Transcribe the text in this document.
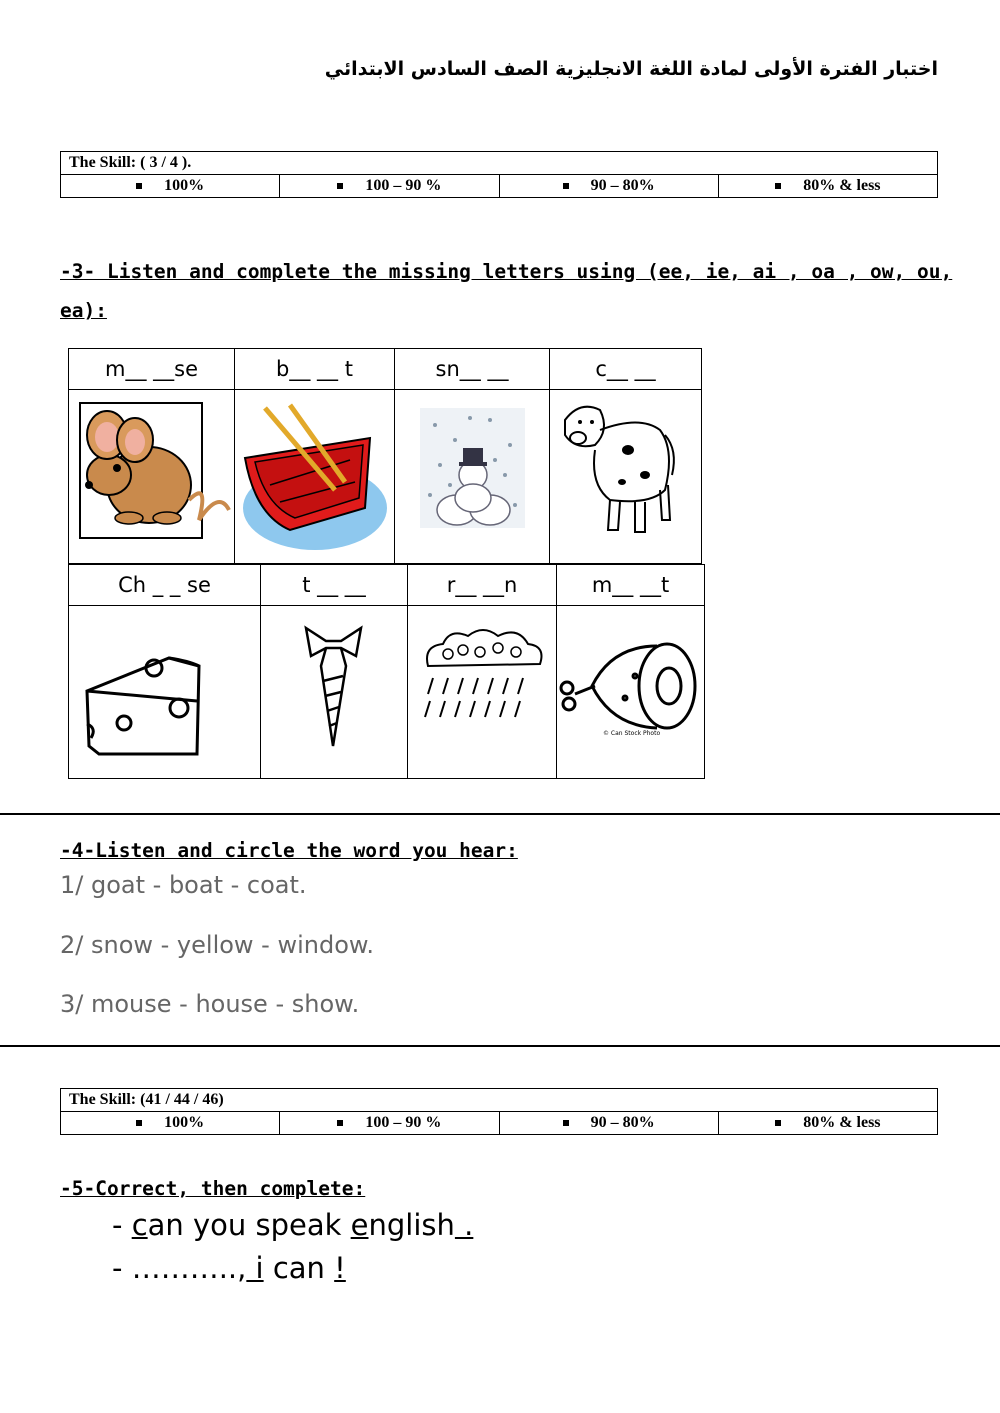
اختبار الفترة الأولى لمادة اللغة الانجليزية الصف السادس الابتدائي
The Skill: ( 3 / 4 ).
100%	100 – 90 %	90 – 80%	80% & less
-3- Listen and complete the missing letters using (ee, ie, ai , oa , ow, ou,
ea):
m__ __se	b__ __ t	sn__ __	c__ __
Ch _ _ se	t __ __	r__ __n	m__ __t
© Can Stock Photo
-4-Listen and circle the word you hear:
1/ goat - boat - coat.
2/ snow - yellow - window.
3/ mouse - house - show.
The Skill: (41 / 44 / 46)
100%	100 – 90 %	90 – 80%	80% & less
-5-Correct, then complete:
- can you speak english .
- ……….., i can !
